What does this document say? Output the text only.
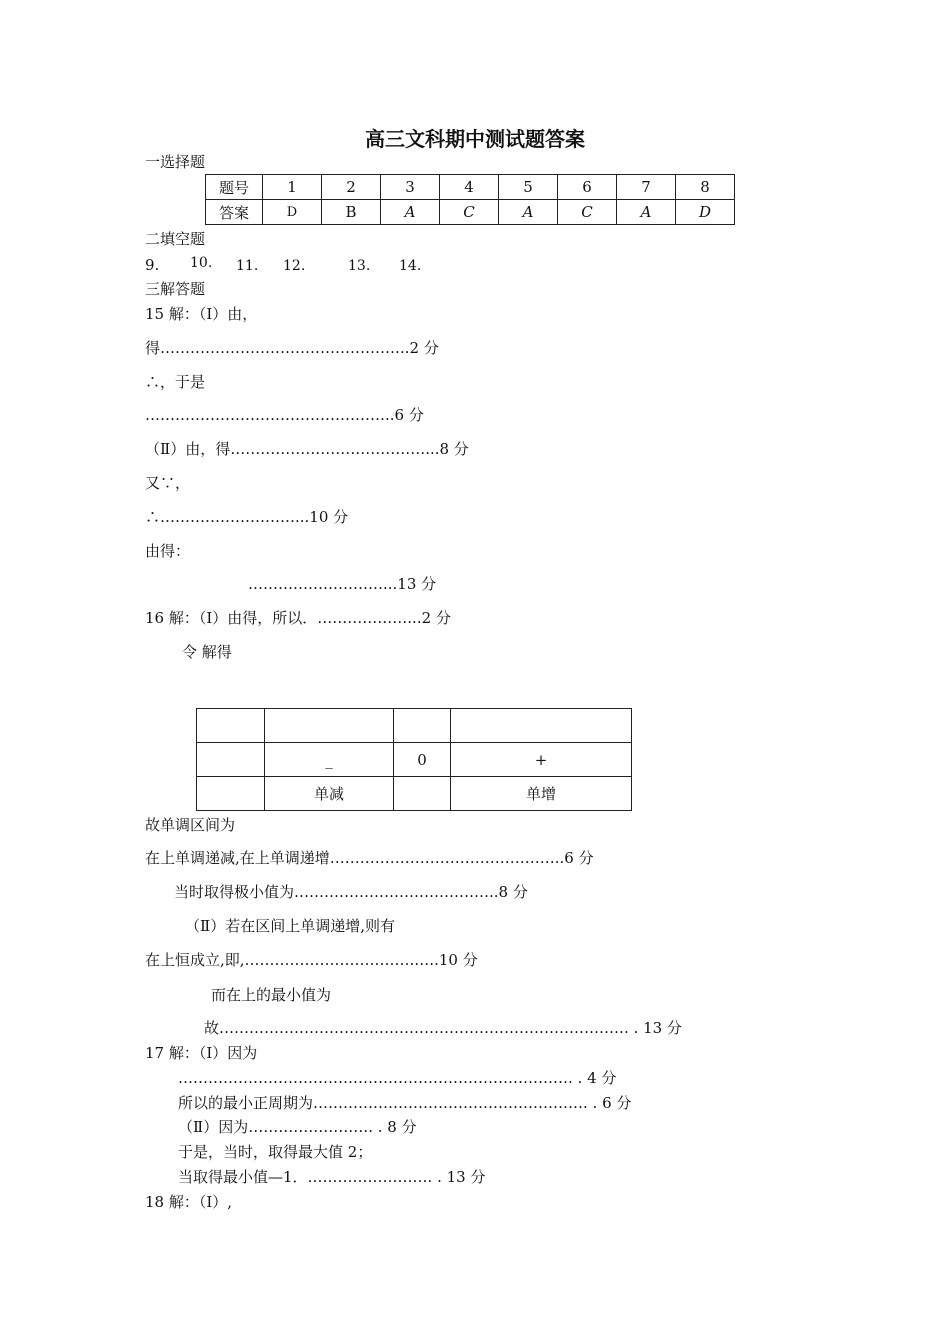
高三文科期中测试题答案
一选择题
题号	1	2	3	4	5	6	7	8
答案	D	B	A	C	A	C	A	D
二填空题
9. 10. 11. 12.	13. 14.
三解答题
15 解：（Ⅰ）由，
得…………………………………………..2 分
∴，于是
…………………………………………..6 分
（Ⅱ）由，得…………………………………...8 分
又∵，
∴………………………...10 分
由得：
………………………...13 分
16 解：（Ⅰ）由得，所以．………………...2 分
令 解得

	_	0	+
	单减		单增
故单调区间为
在上单调递减,在上单调递增………………………………………..6 分
当时取得极小值为…………………………………..8 分
（Ⅱ）若在区间上单调递增,则有
在上恒成立,即,…………………………….…..10 分
而在上的最小值为
故………………………………………………………………………. . 13 分
17 解：（Ⅰ）因为
……………………………………………………………………. . 4 分
所以的最小正周期为………………………………………………. . 6 分
（Ⅱ）因为……………………. . 8 分
于是，当时，取得最大值 2；
当取得最小值—1．……………………. . 13 分
18 解：（Ⅰ）,
